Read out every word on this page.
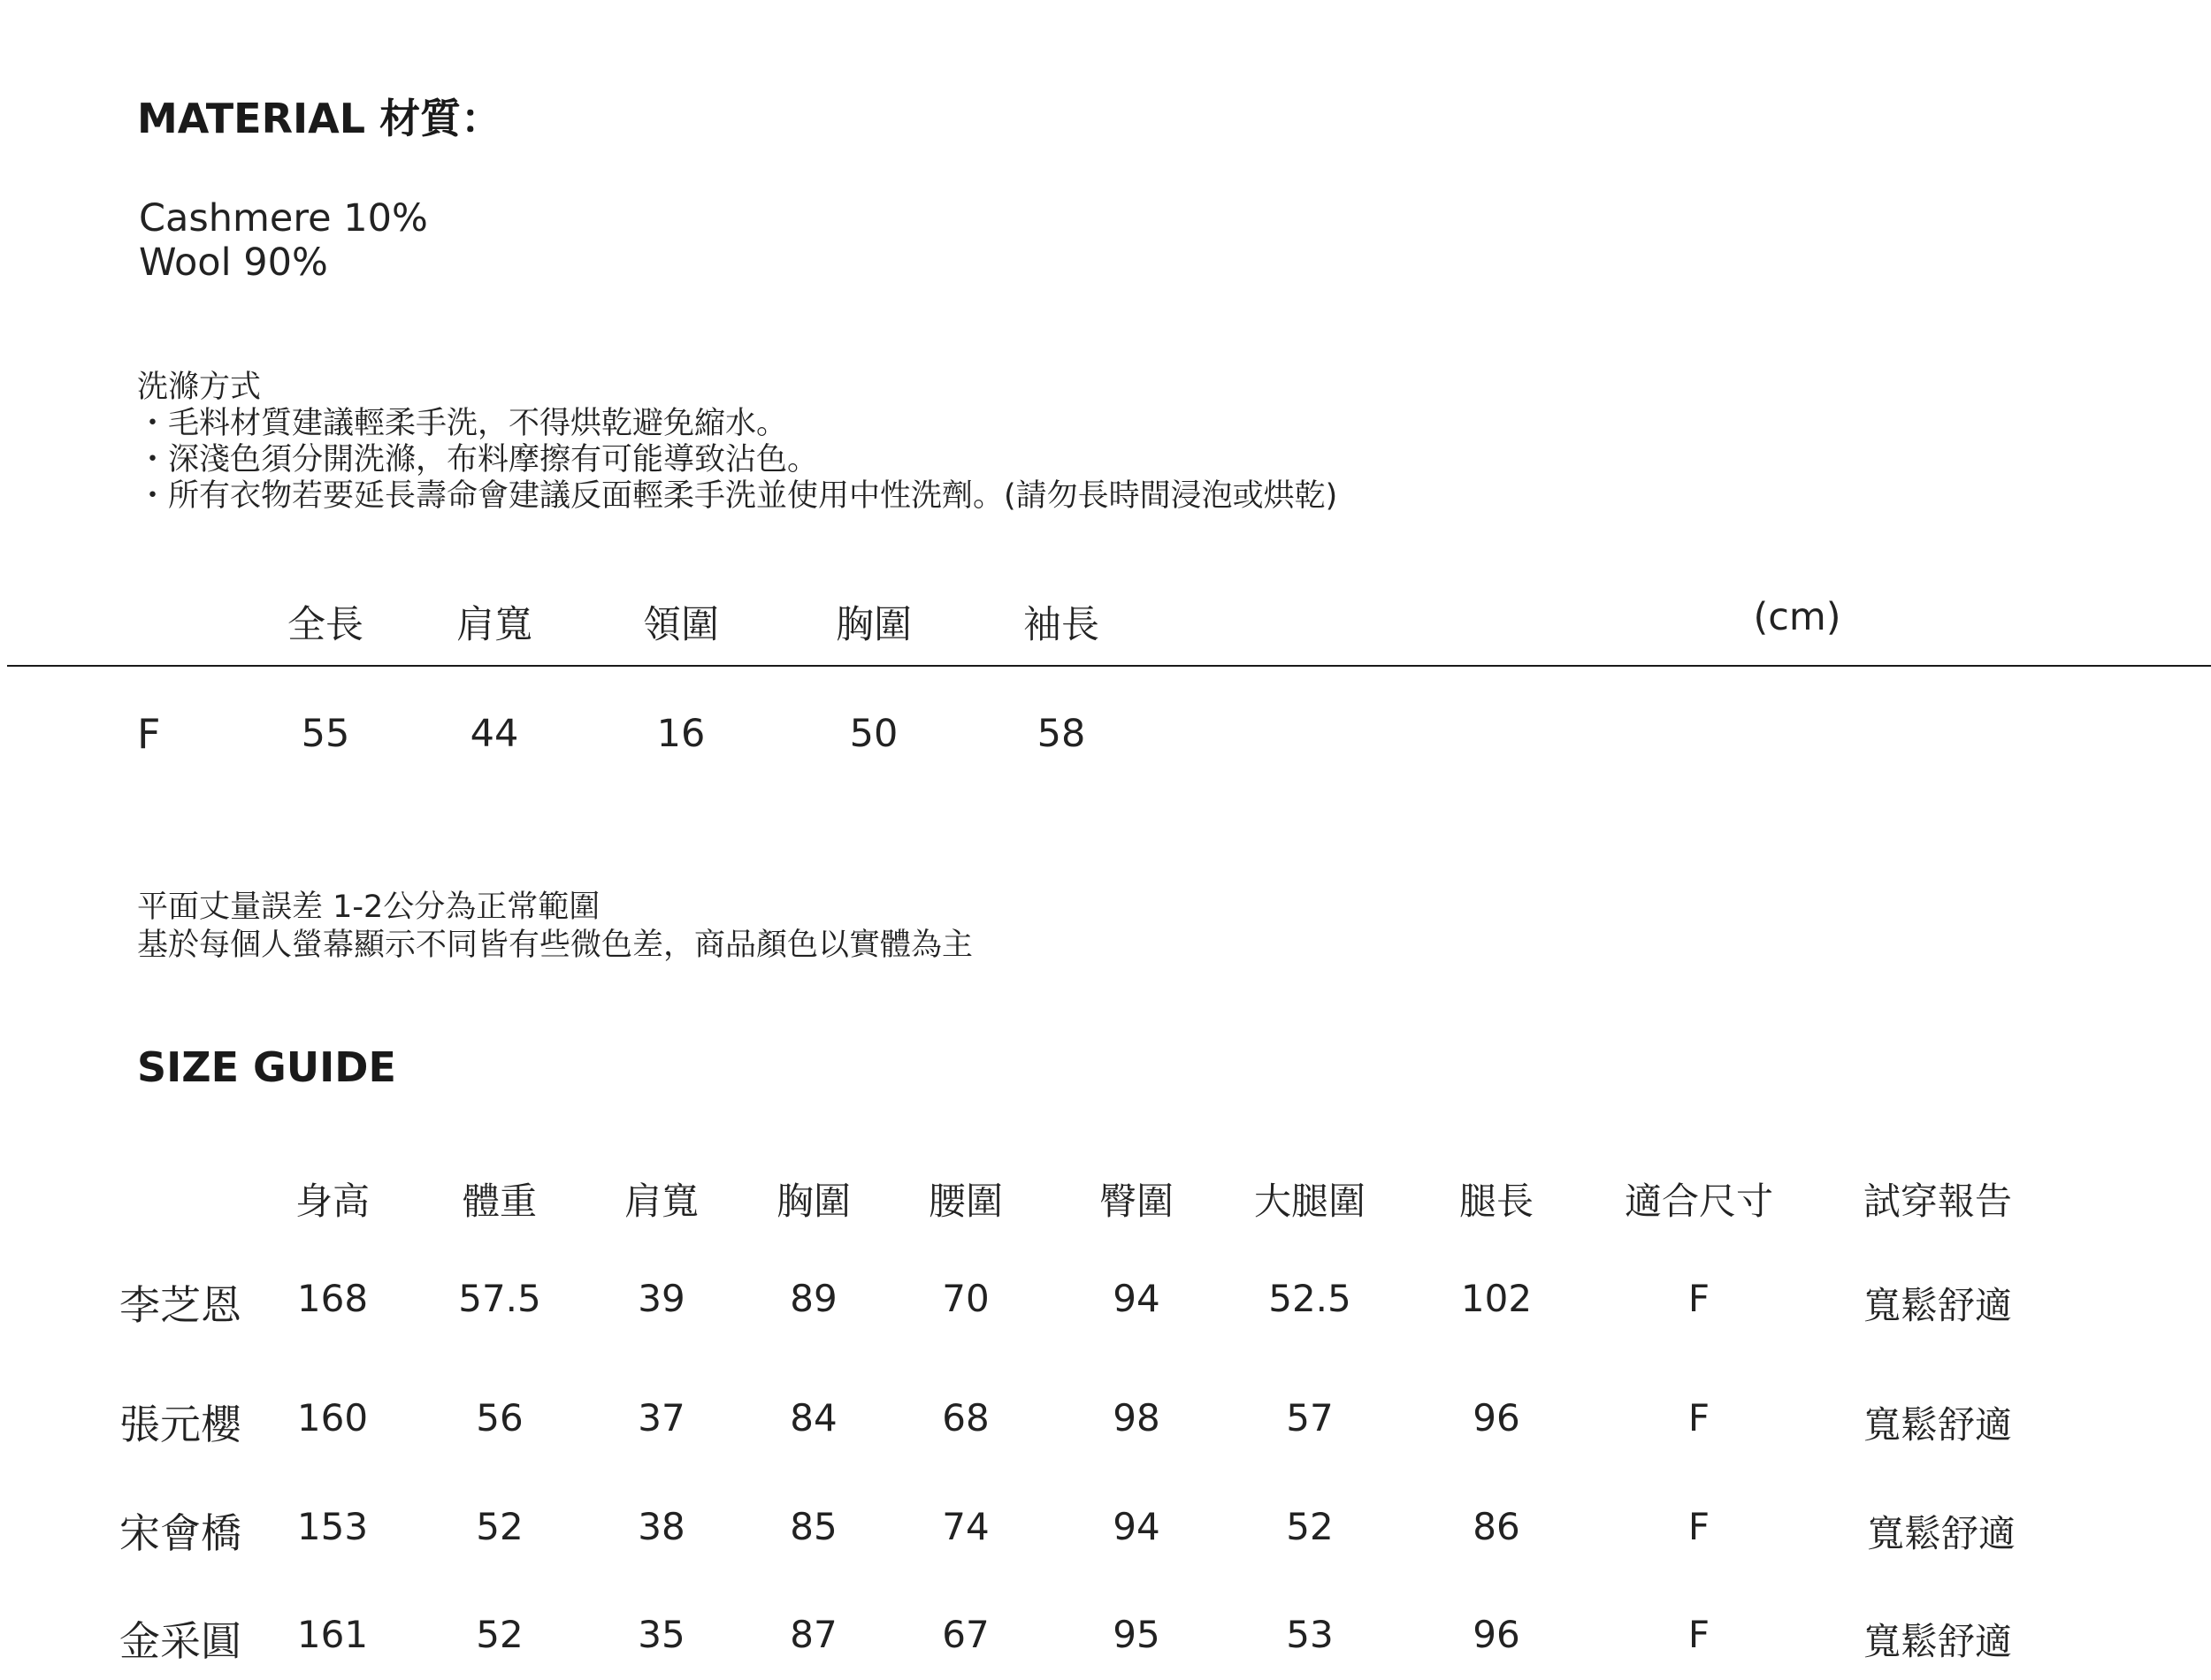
MATERIAL 材質：
Cashmere 10%
Wool 90%
洗滌方式
・毛料材質建議輕柔手洗，不得烘乾避免縮水。
・深淺色須分開洗滌，布料摩擦有可能導致沾色。
・所有衣物若要延長壽命會建議反面輕柔手洗並使用中性洗劑。(請勿長時間浸泡或烘乾)
全長 肩寬	領圍	胸圍	袖長	(cm)
F	55	44	16	50	58
平面丈量誤差 1-2公分為正常範圍
基於每個人螢幕顯示不同皆有些微色差，商品顏色以實體為主
SIZE GUIDE
身高 體重 肩寬 胸圍 腰圍	臀圍 大腿圍	腿長 適合尺寸 試穿報告
李芝恩 168 57.5	39	89	70	94	52.5	102	F	寬鬆舒適
張元櫻 160	56	37	84	68	98	57	96	F	寬鬆舒適
宋會橋 153	52	38	85	74	94	52	86	F	寬鬆舒適
金采圓 161	52	35	87	67	95	53	96	F	寬鬆舒適
